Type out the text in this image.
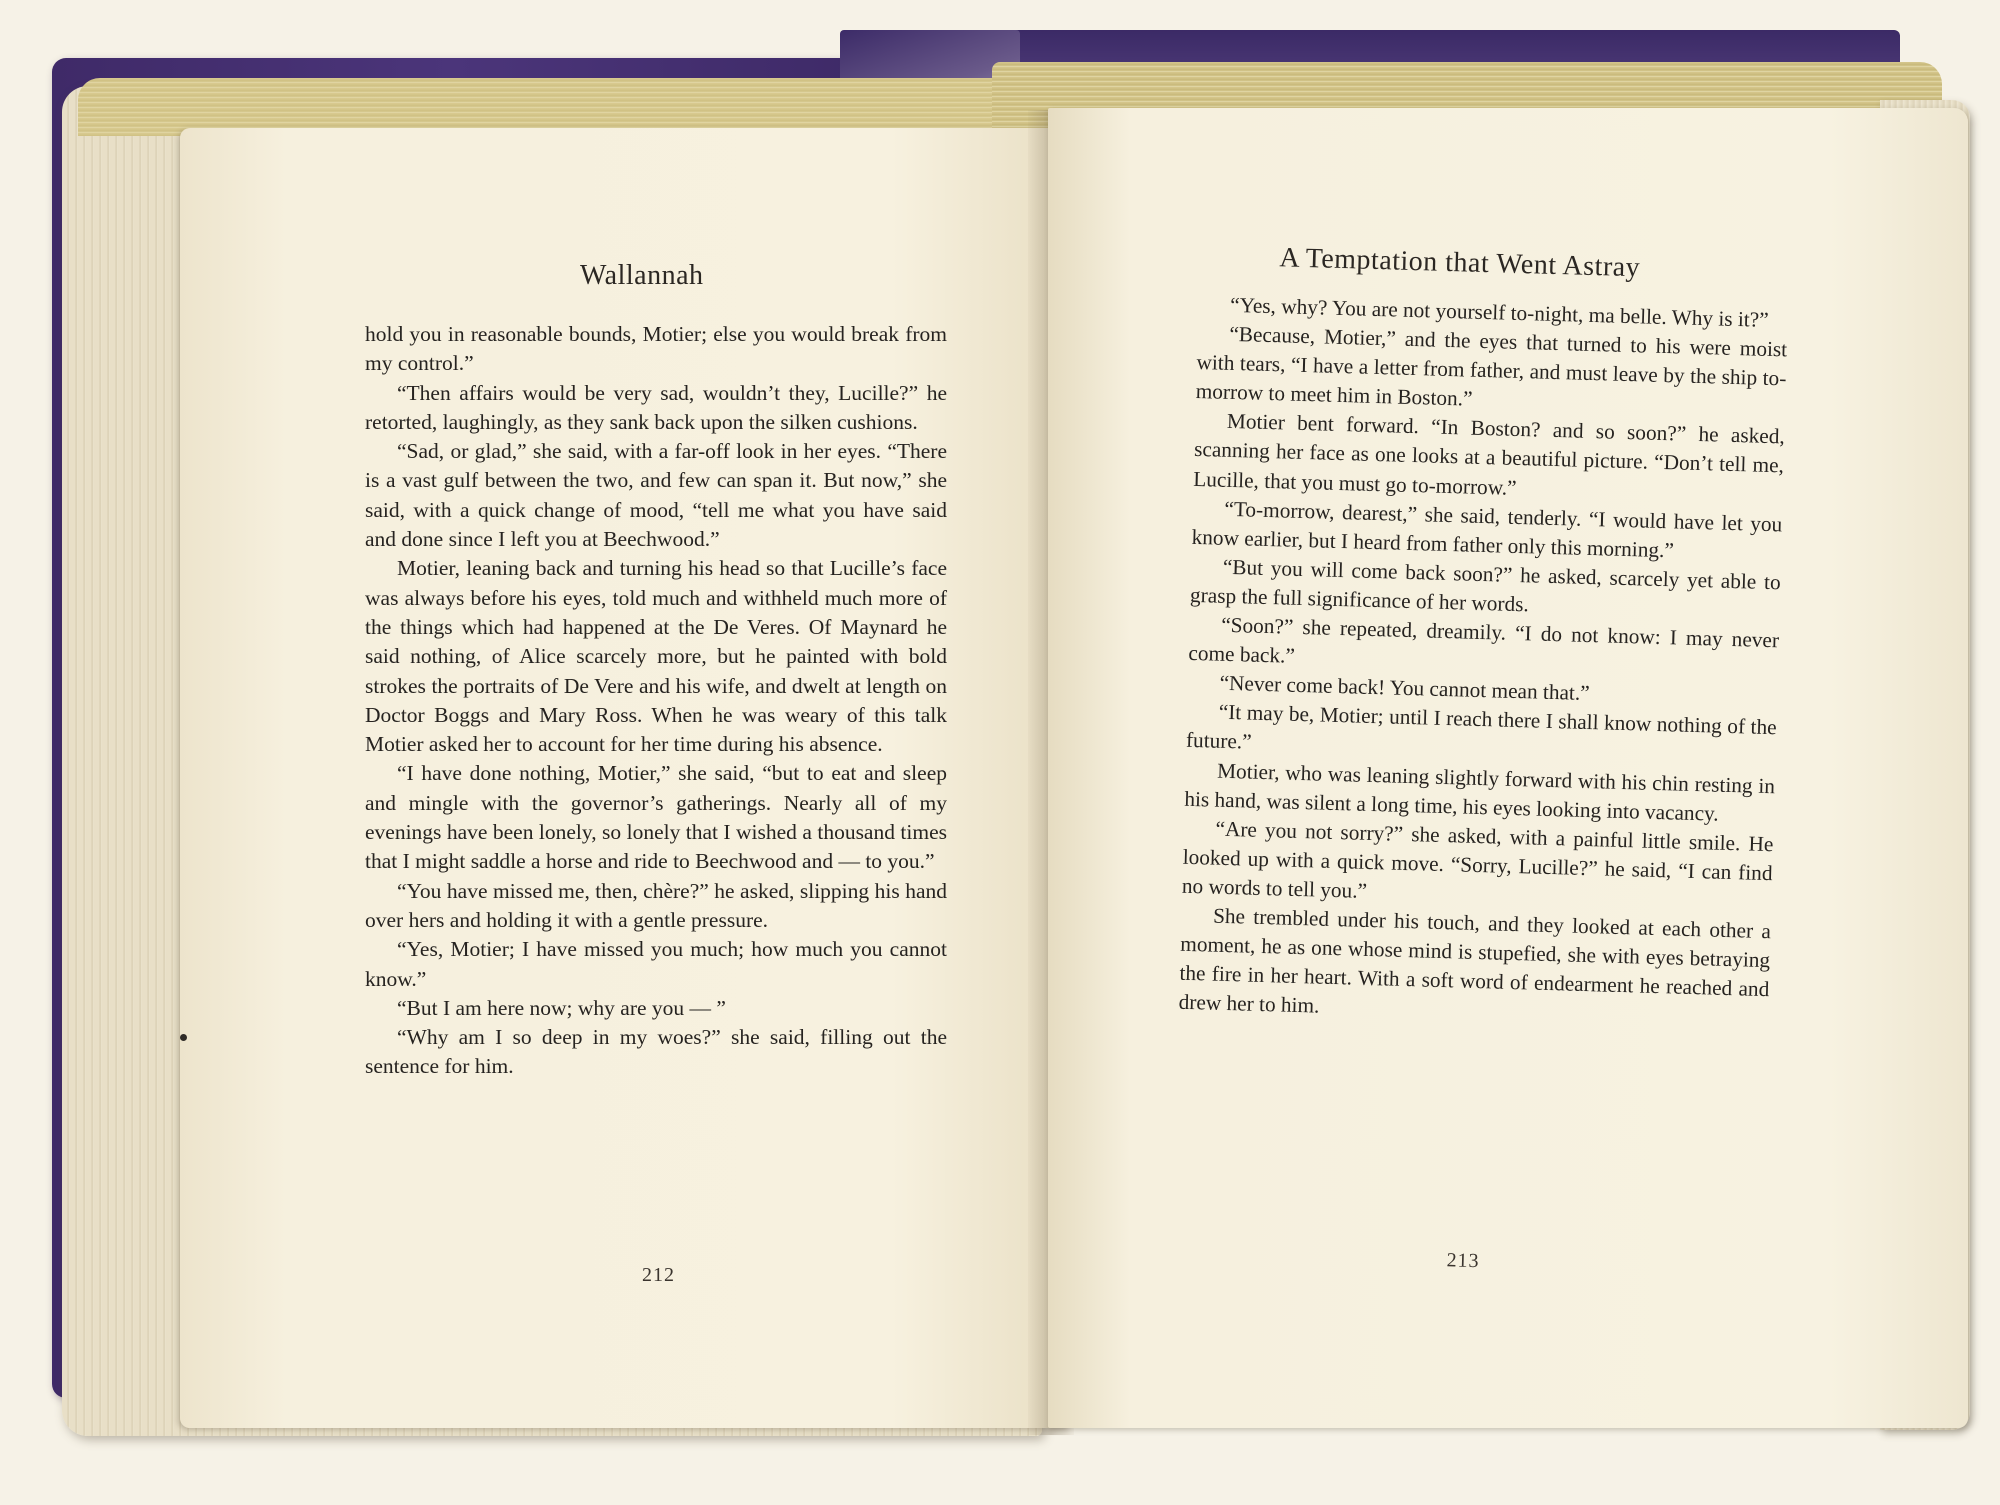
Wallannah

hold you in reasonable bounds, Motier; else you would break from my control.”

“Then affairs would be very sad, wouldn’t they, Lucille?” he retorted, laughingly, as they sank back upon the silken cushions.

“Sad, or glad,” she said, with a far-off look in her eyes. “There is a vast gulf between the two, and few can span it. But now,” she said, with a quick change of mood, “tell me what you have said and done since I left you at Beechwood.”

Motier, leaning back and turning his head so that Lucille’s face was always before his eyes, told much and withheld much more of the things which had happened at the De Veres. Of Maynard he said nothing, of Alice scarcely more, but he painted with bold strokes the portraits of De Vere and his wife, and dwelt at length on Doctor Boggs and Mary Ross. When he was weary of this talk Motier asked her to account for her time during his absence.

“I have done nothing, Motier,” she said, “but to eat and sleep and mingle with the governor’s gatherings. Nearly all of my evenings have been lonely, so lonely that I wished a thousand times that I might saddle a horse and ride to Beechwood and — to you.”

“You have missed me, then, chère?” he asked, slipping his hand over hers and holding it with a gentle pressure.

“Yes, Motier; I have missed you much; how much you cannot know.”

“But I am here now; why are you — ”

“Why am I so deep in my woes?” she said, filling out the sentence for him.

212
A Temptation that Went Astray

“Yes, why? You are not yourself to-night, ma belle. Why is it?”

“Because, Motier,” and the eyes that turned to his were moist with tears, “I have a letter from father, and must leave by the ship to-morrow to meet him in Boston.”

Motier bent forward. “In Boston? and so soon?” he asked, scanning her face as one looks at a beautiful picture. “Don’t tell me, Lucille, that you must go to-morrow.”

“To-morrow, dearest,” she said, tenderly. “I would have let you know earlier, but I heard from father only this morning.”

“But you will come back soon?” he asked, scarcely yet able to grasp the full significance of her words.

“Soon?” she repeated, dreamily. “I do not know: I may never come back.”

“Never come back! You cannot mean that.”

“It may be, Motier; until I reach there I shall know nothing of the future.”

Motier, who was leaning slightly forward with his chin resting in his hand, was silent a long time, his eyes looking into vacancy.

“Are you not sorry?” she asked, with a painful little smile. He looked up with a quick move. “Sorry, Lucille?” he said, “I can find no words to tell you.”

She trembled under his touch, and they looked at each other a moment, he as one whose mind is stupefied, she with eyes betraying the fire in her heart. With a soft word of endearment he reached and drew her to him.

213
